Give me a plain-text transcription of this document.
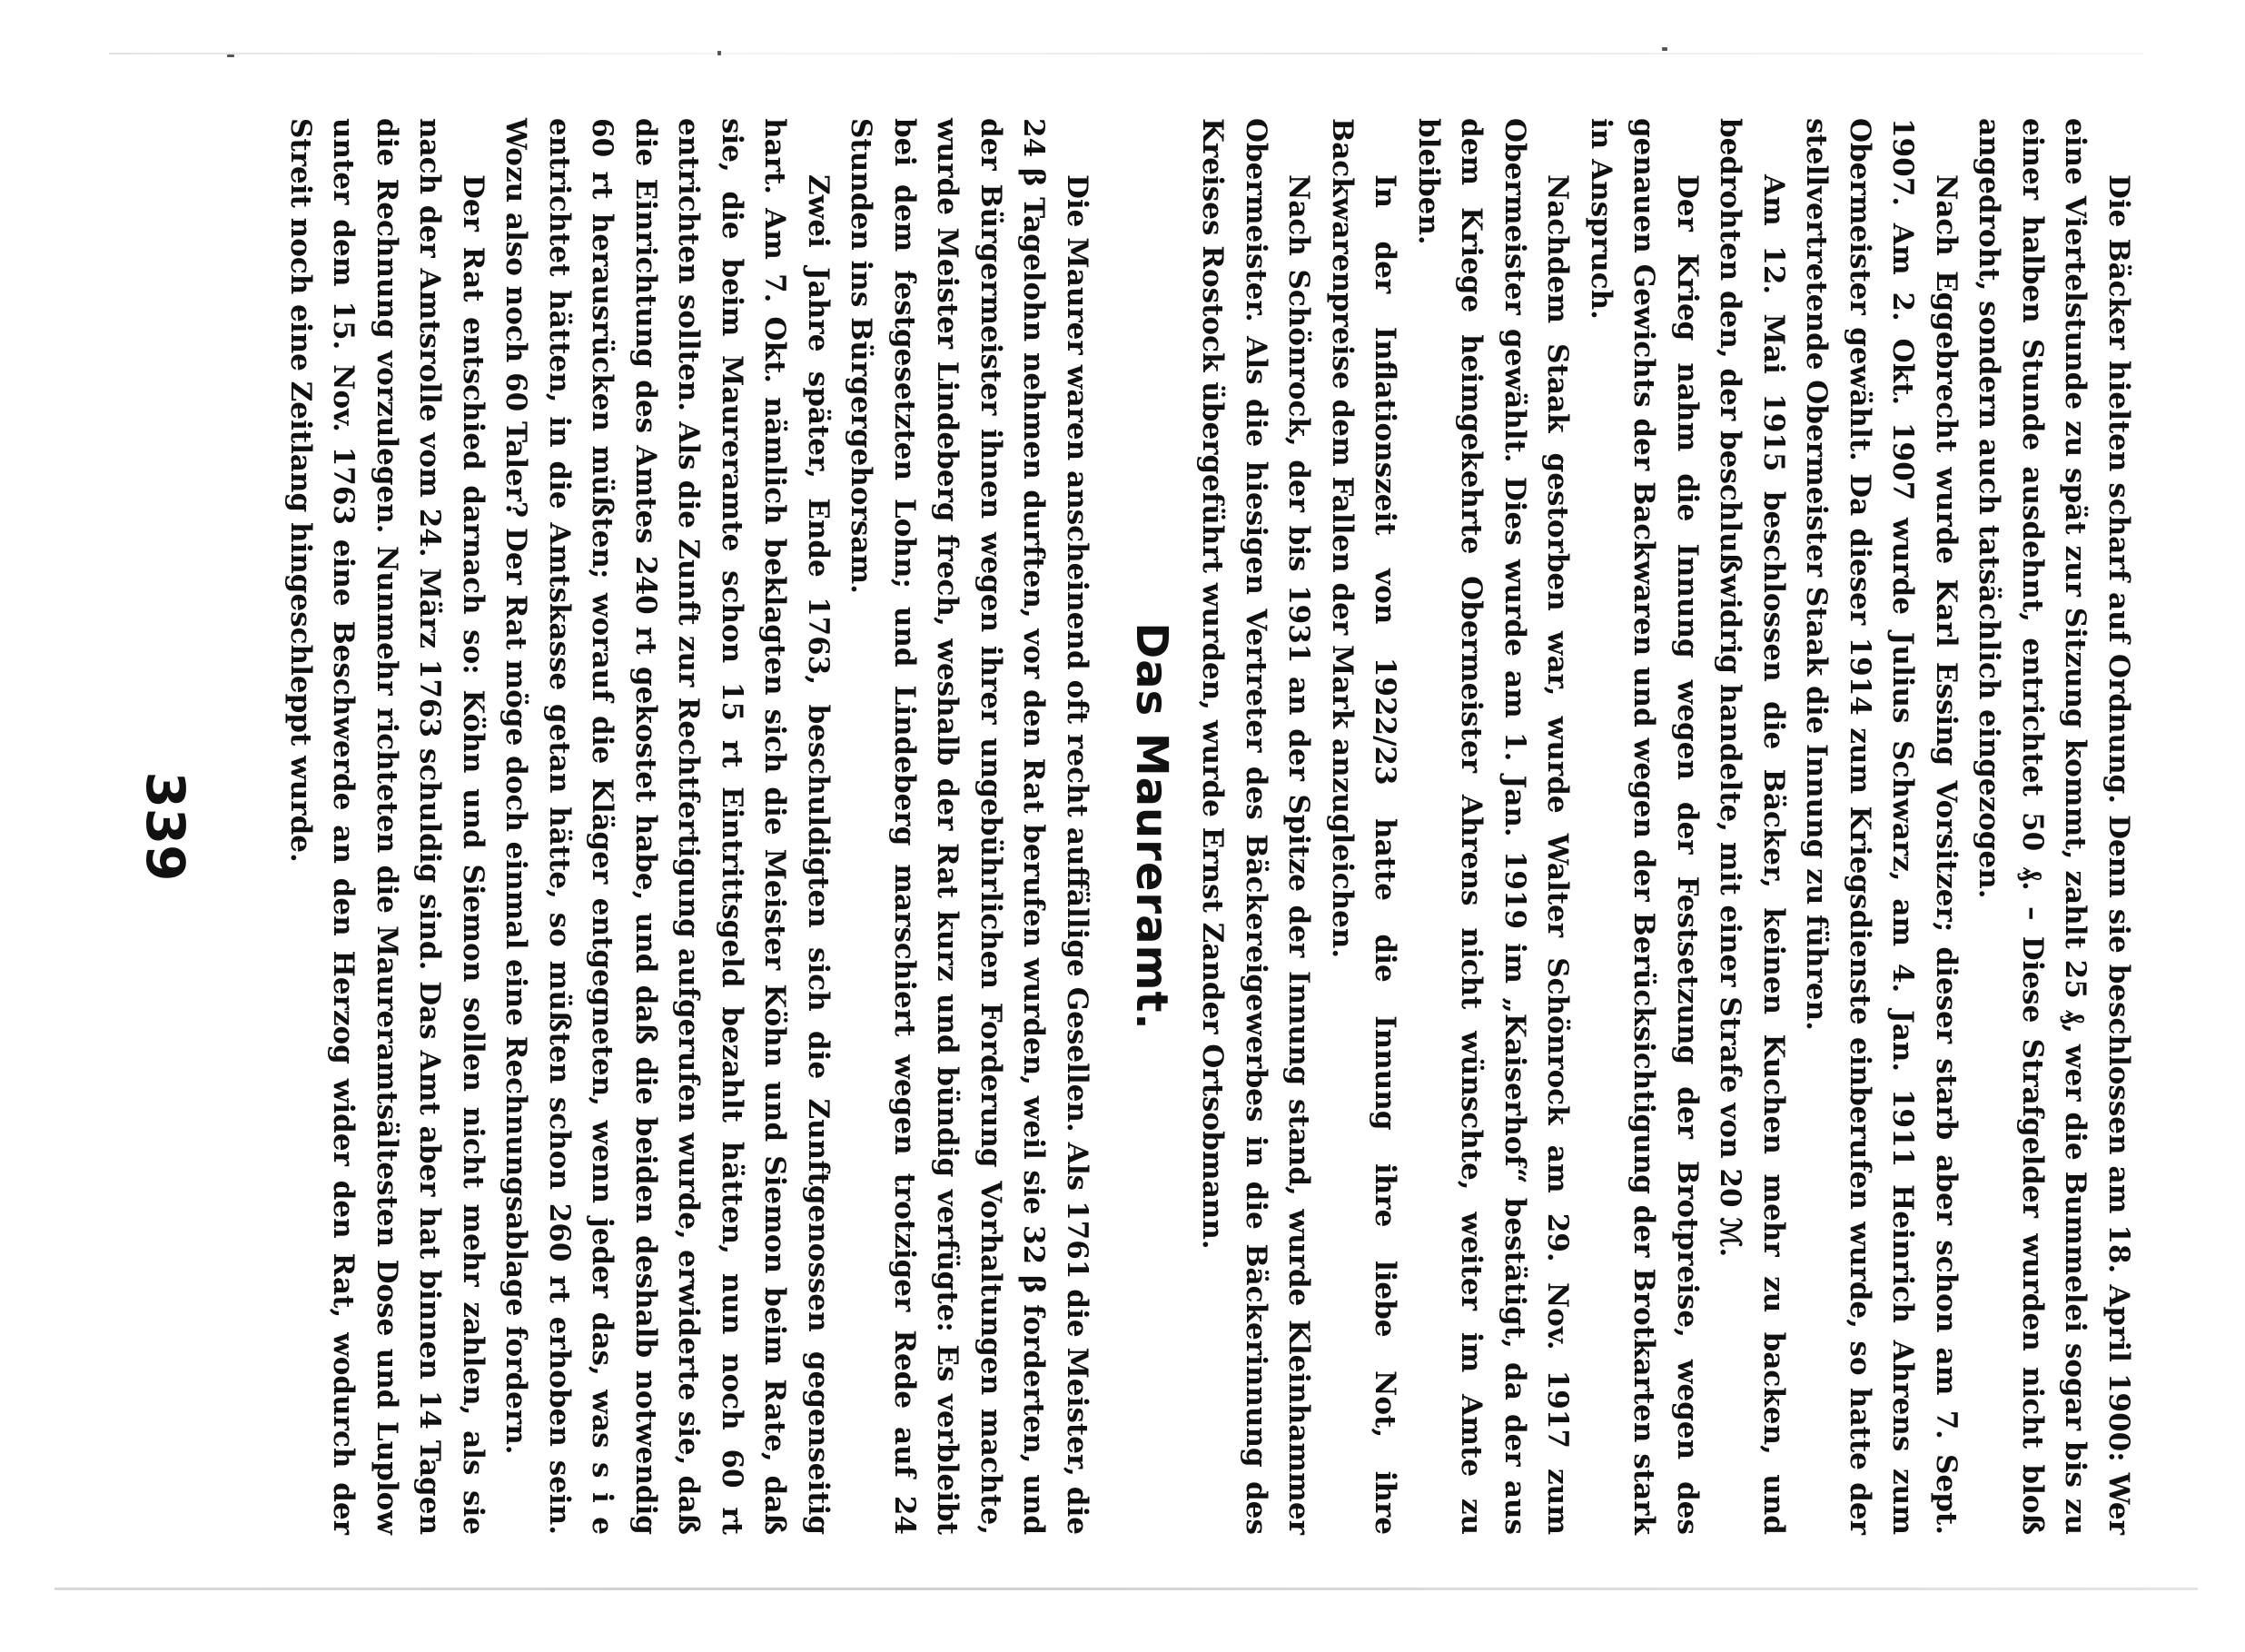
Die Bäcker hielten scharf auf Ordnung. Denn sie beschlossen am 18. April 1900: Wer eine Viertelstunde zu spät zur Sitzung kommt, zahlt 25 ₰, wer die Bummelei sogar bis zu einer halben Stunde ausdehnt, entrichtet 50 ₰. – Diese Strafgelder wurden nicht bloß angedroht, sondern auch tatsächlich eingezogen.

Nach Eggebrecht wurde Karl Essing Vorsitzer; dieser starb aber schon am 7. Sept. 1907. Am 2. Okt. 1907 wurde Julius Schwarz, am 4. Jan. 1911 Heinrich Ahrens zum Obermeister gewählt. Da dieser 1914 zum Kriegsdienste einberufen wurde, so hatte der stellvertretende Obermeister Staak die Innung zu führen.

Am 12. Mai 1915 beschlossen die Bäcker, keinen Kuchen mehr zu backen, und bedrohten den, der beschlußwidrig handelte, mit einer Strafe von 20 ℳ.

Der Krieg nahm die Innung wegen der Festsetzung der Brotpreise, wegen des genauen Gewichts der Backwaren und wegen der Berücksichtigung der Brotkarten stark in Anspruch.

Nachdem Staak gestorben war, wurde Walter Schönrock am 29. Nov. 1917 zum Obermeister gewählt. Dies wurde am 1. Jan. 1919 im „Kaiserhof“ bestätigt, da der aus dem Kriege heimgekehrte Obermeister Ahrens nicht wünschte, weiter im Amte zu bleiben.

In der Inflationszeit von 1922/23 hatte die Innung ihre liebe Not, ihre Backwarenpreise dem Fallen der Mark anzugleichen.

Nach Schönrock, der bis 1931 an der Spitze der Innung stand, wurde Kleinhammer Obermeister. Als die hiesigen Vertreter des Bäckereigewerbes in die Bäckerinnung des Kreises Rostock übergeführt wurden, wurde Ernst Zander Ortsobmann.

Das Maureramt.

Die Maurer waren anscheinend oft recht auffällige Gesellen. Als 1761 die Meister, die 24 β Tagelohn nehmen durften, vor den Rat berufen wurden, weil sie 32 β forderten, und der Bürgermeister ihnen wegen ihrer ungebührlichen Forderung Vorhaltungen machte, wurde Meister Lindeberg frech, weshalb der Rat kurz und bündig verfügte: Es verbleibt bei dem festgesetzten Lohn; und Lindeberg marschiert wegen trotziger Rede auf 24 Stunden ins Bürgergehorsam.

Zwei Jahre später, Ende 1763, beschuldigten sich die Zunftgenossen gegenseitig hart. Am 7. Okt. nämlich beklagten sich die Meister Köhn und Siemon beim Rate, daß sie, die beim Maureramte schon 15 rt Eintrittsgeld bezahlt hätten, nun noch 60 rt entrichten sollten. Als die Zunft zur Rechtfertigung aufgerufen wurde, erwiderte sie, daß die Einrichtung des Amtes 240 rt gekostet habe, und daß die beiden deshalb notwendig 60 rt herausrücken müßten; worauf die Kläger entgegneten, wenn jeder das, was s i e entrichtet hätten, in die Amtskasse getan hätte, so müßten schon 260 rt erhoben sein. Wozu also noch 60 Taler? Der Rat möge doch einmal eine Rechnungsablage fordern.

Der Rat entschied darnach so: Köhn und Siemon sollen nicht mehr zahlen, als sie nach der Amtsrolle vom 24. März 1763 schuldig sind. Das Amt aber hat binnen 14 Tagen die Rechnung vorzulegen. Nunmehr richteten die Maureramtsältesten Dose und Luplow unter dem 15. Nov. 1763 eine Beschwerde an den Herzog wider den Rat, wodurch der Streit noch eine Zeitlang hingeschleppt wurde.

339
